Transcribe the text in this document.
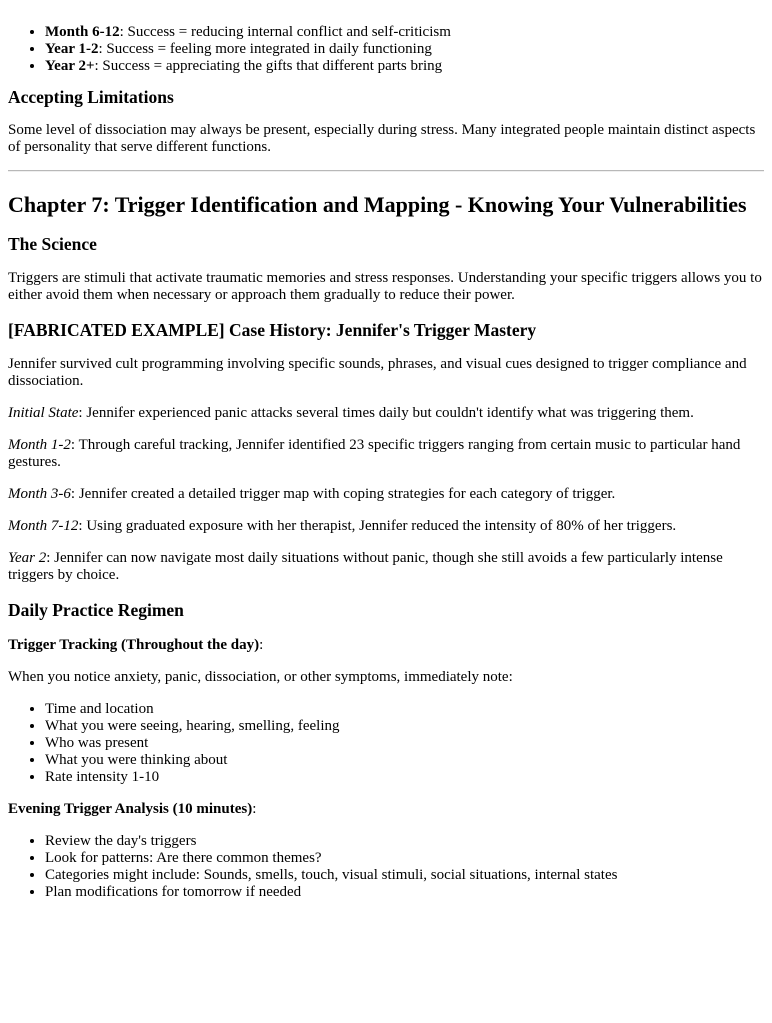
• Month 6-12: Success = reducing internal conflict and self-criticism
• Year 1-2: Success = feeling more integrated in daily functioning
• Year 2+: Success = appreciating the gifts that different parts bring
Accepting Limitations

Some level of dissociation may always be present, especially during stress. Many integrated people maintain distinct aspects of personality that serve different functions.

Chapter 7: Trigger Identification and Mapping - Knowing Your Vulnerabilities
The Science

Triggers are stimuli that activate traumatic memories and stress responses. Understanding your specific triggers allows you to either avoid them when necessary or approach them gradually to reduce their power.

[FABRICATED EXAMPLE] Case History: Jennifer's Trigger Mastery

Jennifer survived cult programming involving specific sounds, phrases, and visual cues designed to trigger compliance and dissociation.

Initial State: Jennifer experienced panic attacks several times daily but couldn't identify what was triggering them.

Month 1-2: Through careful tracking, Jennifer identified 23 specific triggers ranging from certain music to particular hand gestures.

Month 3-6: Jennifer created a detailed trigger map with coping strategies for each category of trigger.

Month 7-12: Using graduated exposure with her therapist, Jennifer reduced the intensity of 80% of her triggers.

Year 2: Jennifer can now navigate most daily situations without panic, though she still avoids a few particularly intense triggers by choice.

Daily Practice Regimen

Trigger Tracking (Throughout the day):

When you notice anxiety, panic, dissociation, or other symptoms, immediately note:

• Time and location
• What you were seeing, hearing, smelling, feeling
• Who was present
• What you were thinking about
• Rate intensity 1-10

Evening Trigger Analysis (10 minutes):

• Review the day's triggers
• Look for patterns: Are there common themes?
• Categories might include: Sounds, smells, touch, visual stimuli, social situations, internal states
• Plan modifications for tomorrow if needed
